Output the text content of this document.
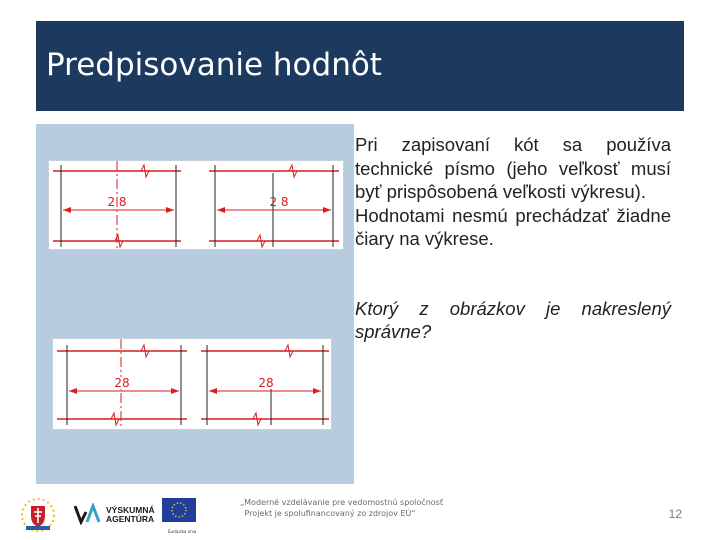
Predpisovanie hodnôt
2 8	2 8
28	28

Pri zapisovaní kót sa používa technické písmo (jeho veľkosť musí byť prispôsobená veľkosti výkresu).

Hodnotami nesmú prechádzať žiadne čiary na výkrese.

Ktorý z obrázkov je nakreslený správne?

VÝSKUMNÁ AGENTÚRA
Európska únia
„Moderné vzdelávanie pre vedomostnú spoločnosť
Projekt je spolufinancovaný zo zdrojov EÚ“	12
